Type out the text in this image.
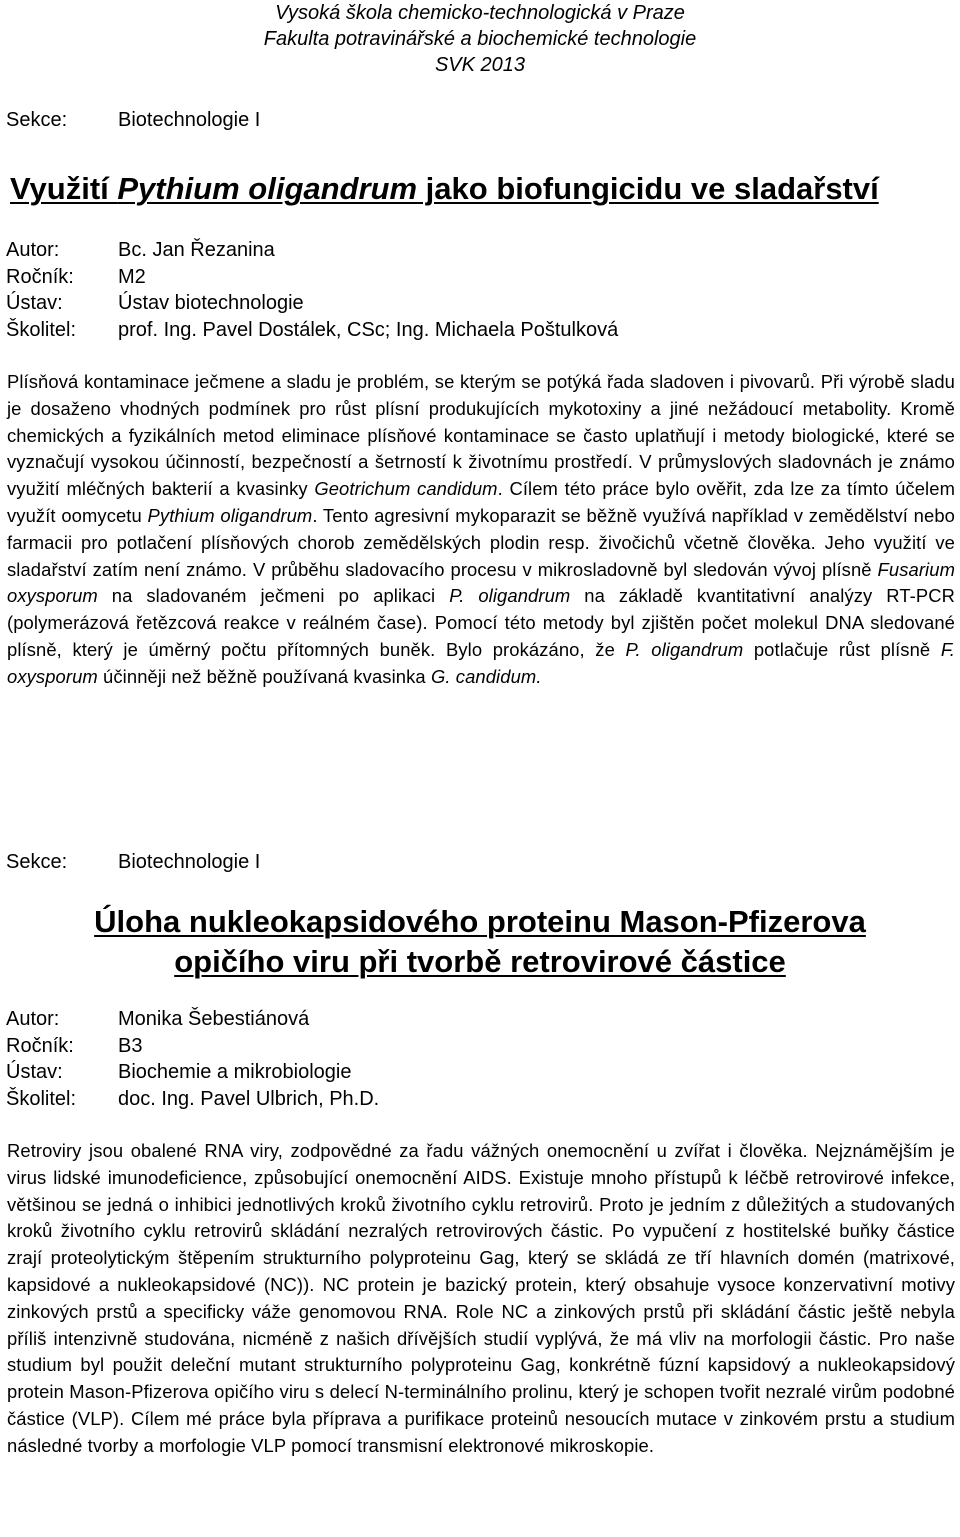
Vysoká škola chemicko-technologická v Praze
Fakulta potravinářské a biochemické technologie
SVK 2013
Sekce:	Biotechnologie I
Využití Pythium oligandrum jako biofungicidu ve sladařství
Autor:	Bc. Jan Řezanina
Ročník: M2
Ústav:	Ústav biotechnologie
Školitel: prof. Ing. Pavel Dostálek, CSc; Ing. Michaela Poštulková

Plísňová kontaminace ječmene a sladu je problém, se kterým se potýká řada sladoven i pivovarů. Při výrobě sladu je dosaženo vhodných podmínek pro růst plísní produkujících mykotoxiny a jiné nežádoucí metabolity. Kromě chemických a fyzikálních metod eliminace plísňové kontaminace se často uplatňují i metody biologické, které se vyznačují vysokou účinností, bezpečností a šetrností k životnímu prostředí. V průmyslových sladovnách je známo využití mléčných bakterií a kvasinky Geotrichum candidum. Cílem této práce bylo ověřit, zda lze za tímto účelem využít oomycetu Pythium oligandrum. Tento agresivní mykoparazit se běžně využívá například v zemědělství nebo farmacii pro potlačení plísňových chorob zemědělských plodin resp. živočichů včetně člověka. Jeho využití ve sladařství zatím není známo. V průběhu sladovacího procesu v mikrosladovně byl sledován vývoj plísně Fusarium oxysporum na sladovaném ječmeni po aplikaci P. oligandrum na základě kvantitativní analýzy RT-PCR (polymerázová řetězcová reakce v reálném čase). Pomocí této metody byl zjištěn počet molekul DNA sledované plísně, který je úměrný počtu přítomných buněk. Bylo prokázáno, že P. oligandrum potlačuje růst plísně F. oxysporum účinněji než běžně používaná kvasinka G. candidum.

Sekce:	Biotechnologie I
Úloha nukleokapsidového proteinu Mason-Pfizerova
opičího viru při tvorbě retrovirové částice
Autor:	Monika Šebestiánová
Ročník: B3
Ústav:	Biochemie a mikrobiologie
Školitel: doc. Ing. Pavel Ulbrich, Ph.D.

Retroviry jsou obalené RNA viry, zodpovědné za řadu vážných onemocnění u zvířat i člověka. Nejznámějším je virus lidské imunodeficience, způsobující onemocnění AIDS. Existuje mnoho přístupů k léčbě retrovirové infekce, většinou se jedná o inhibici jednotlivých kroků životního cyklu retrovirů. Proto je jedním z důležitých a studovaných kroků životního cyklu retrovirů skládání nezralých retrovirových částic. Po vypučení z hostitelské buňky částice zrají proteolytickým štěpením strukturního polyproteinu Gag, který se skládá ze tří hlavních domén (matrixové, kapsidové a nukleokapsidové (NC)). NC protein je bazický protein, který obsahuje vysoce konzervativní motivy zinkových prstů a specificky váže genomovou RNA. Role NC a zinkových prstů při skládání částic ještě nebyla příliš intenzivně studována, nicméně z našich dřívějších studií vyplývá, že má vliv na morfologii částic. Pro naše studium byl použit deleční mutant strukturního polyproteinu Gag, konkrétně fúzní kapsidový a nukleokapsidový protein Mason-Pfizerova opičího viru s delecí N-terminálního prolinu, který je schopen tvořit nezralé virům podobné částice (VLP). Cílem mé práce byla příprava a purifikace proteinů nesoucích mutace v zinkovém prstu a studium následné tvorby a morfologie VLP pomocí transmisní elektronové mikroskopie.
